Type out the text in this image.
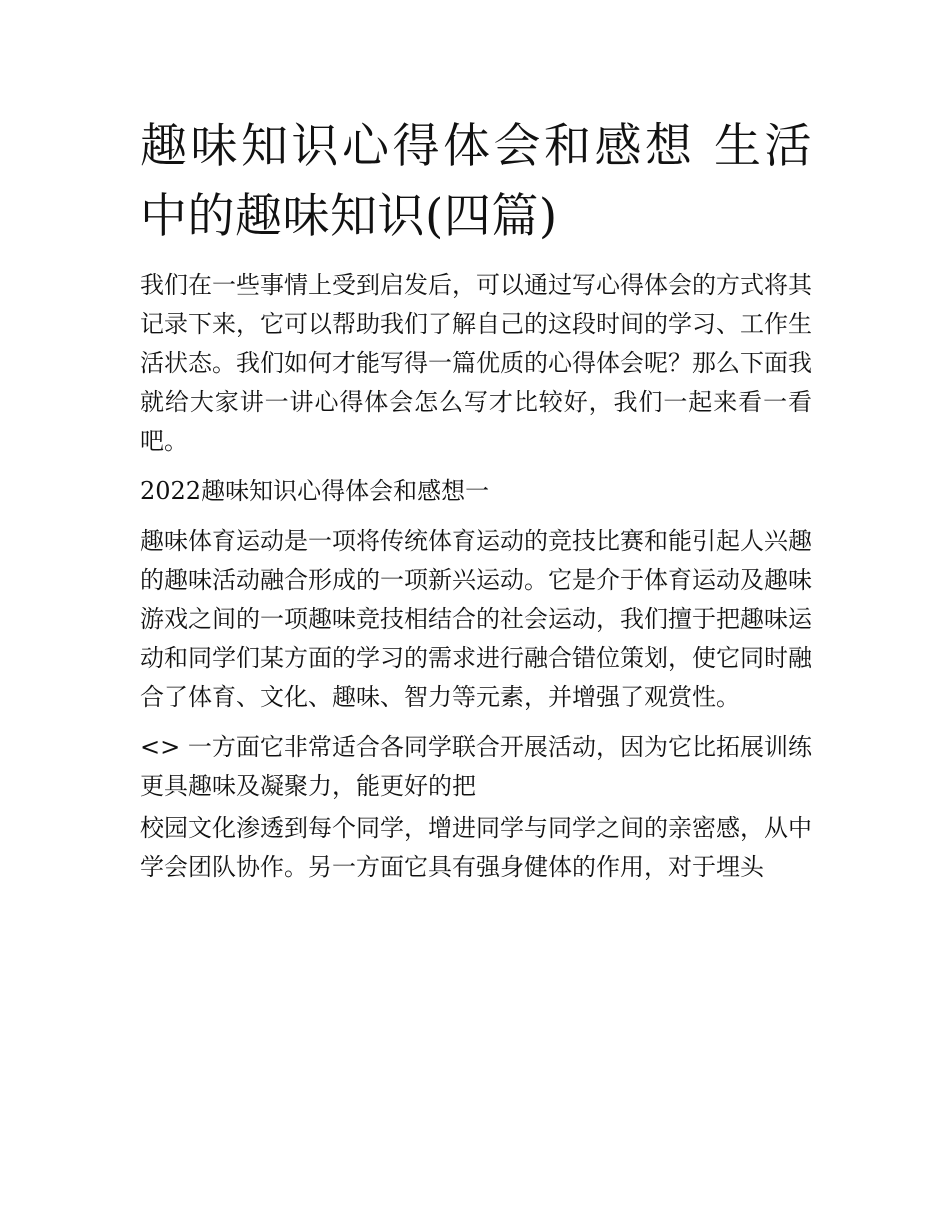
趣味知识心得体会和感想 生活中的趣味知识(四篇)

我们在一些事情上受到启发后，可以通过写心得体会的方式将其记录下来，它可以帮助我们了解自己的这段时间的学习、工作生活状态。我们如何才能写得一篇优质的心得体会呢？那么下面我就给大家讲一讲心得体会怎么写才比较好，我们一起来看一看吧。

2022趣味知识心得体会和感想一

趣味体育运动是一项将传统体育运动的竞技比赛和能引起人兴趣的趣味活动融合形成的一项新兴运动。它是介于体育运动及趣味游戏之间的一项趣味竞技相结合的社会运动，我们擅于把趣味运动和同学们某方面的学习的需求进行融合错位策划，使它同时融合了体育、文化、趣味、智力等元素，并增强了观赏性。

<> 一方面它非常适合各同学联合开展活动，因为它比拓展训练更具趣味及凝聚力，能更好的把

校园文化渗透到每个同学，增进同学与同学之间的亲密感，从中学会团队协作。另一方面它具有强身健体的作用，对于埋头
